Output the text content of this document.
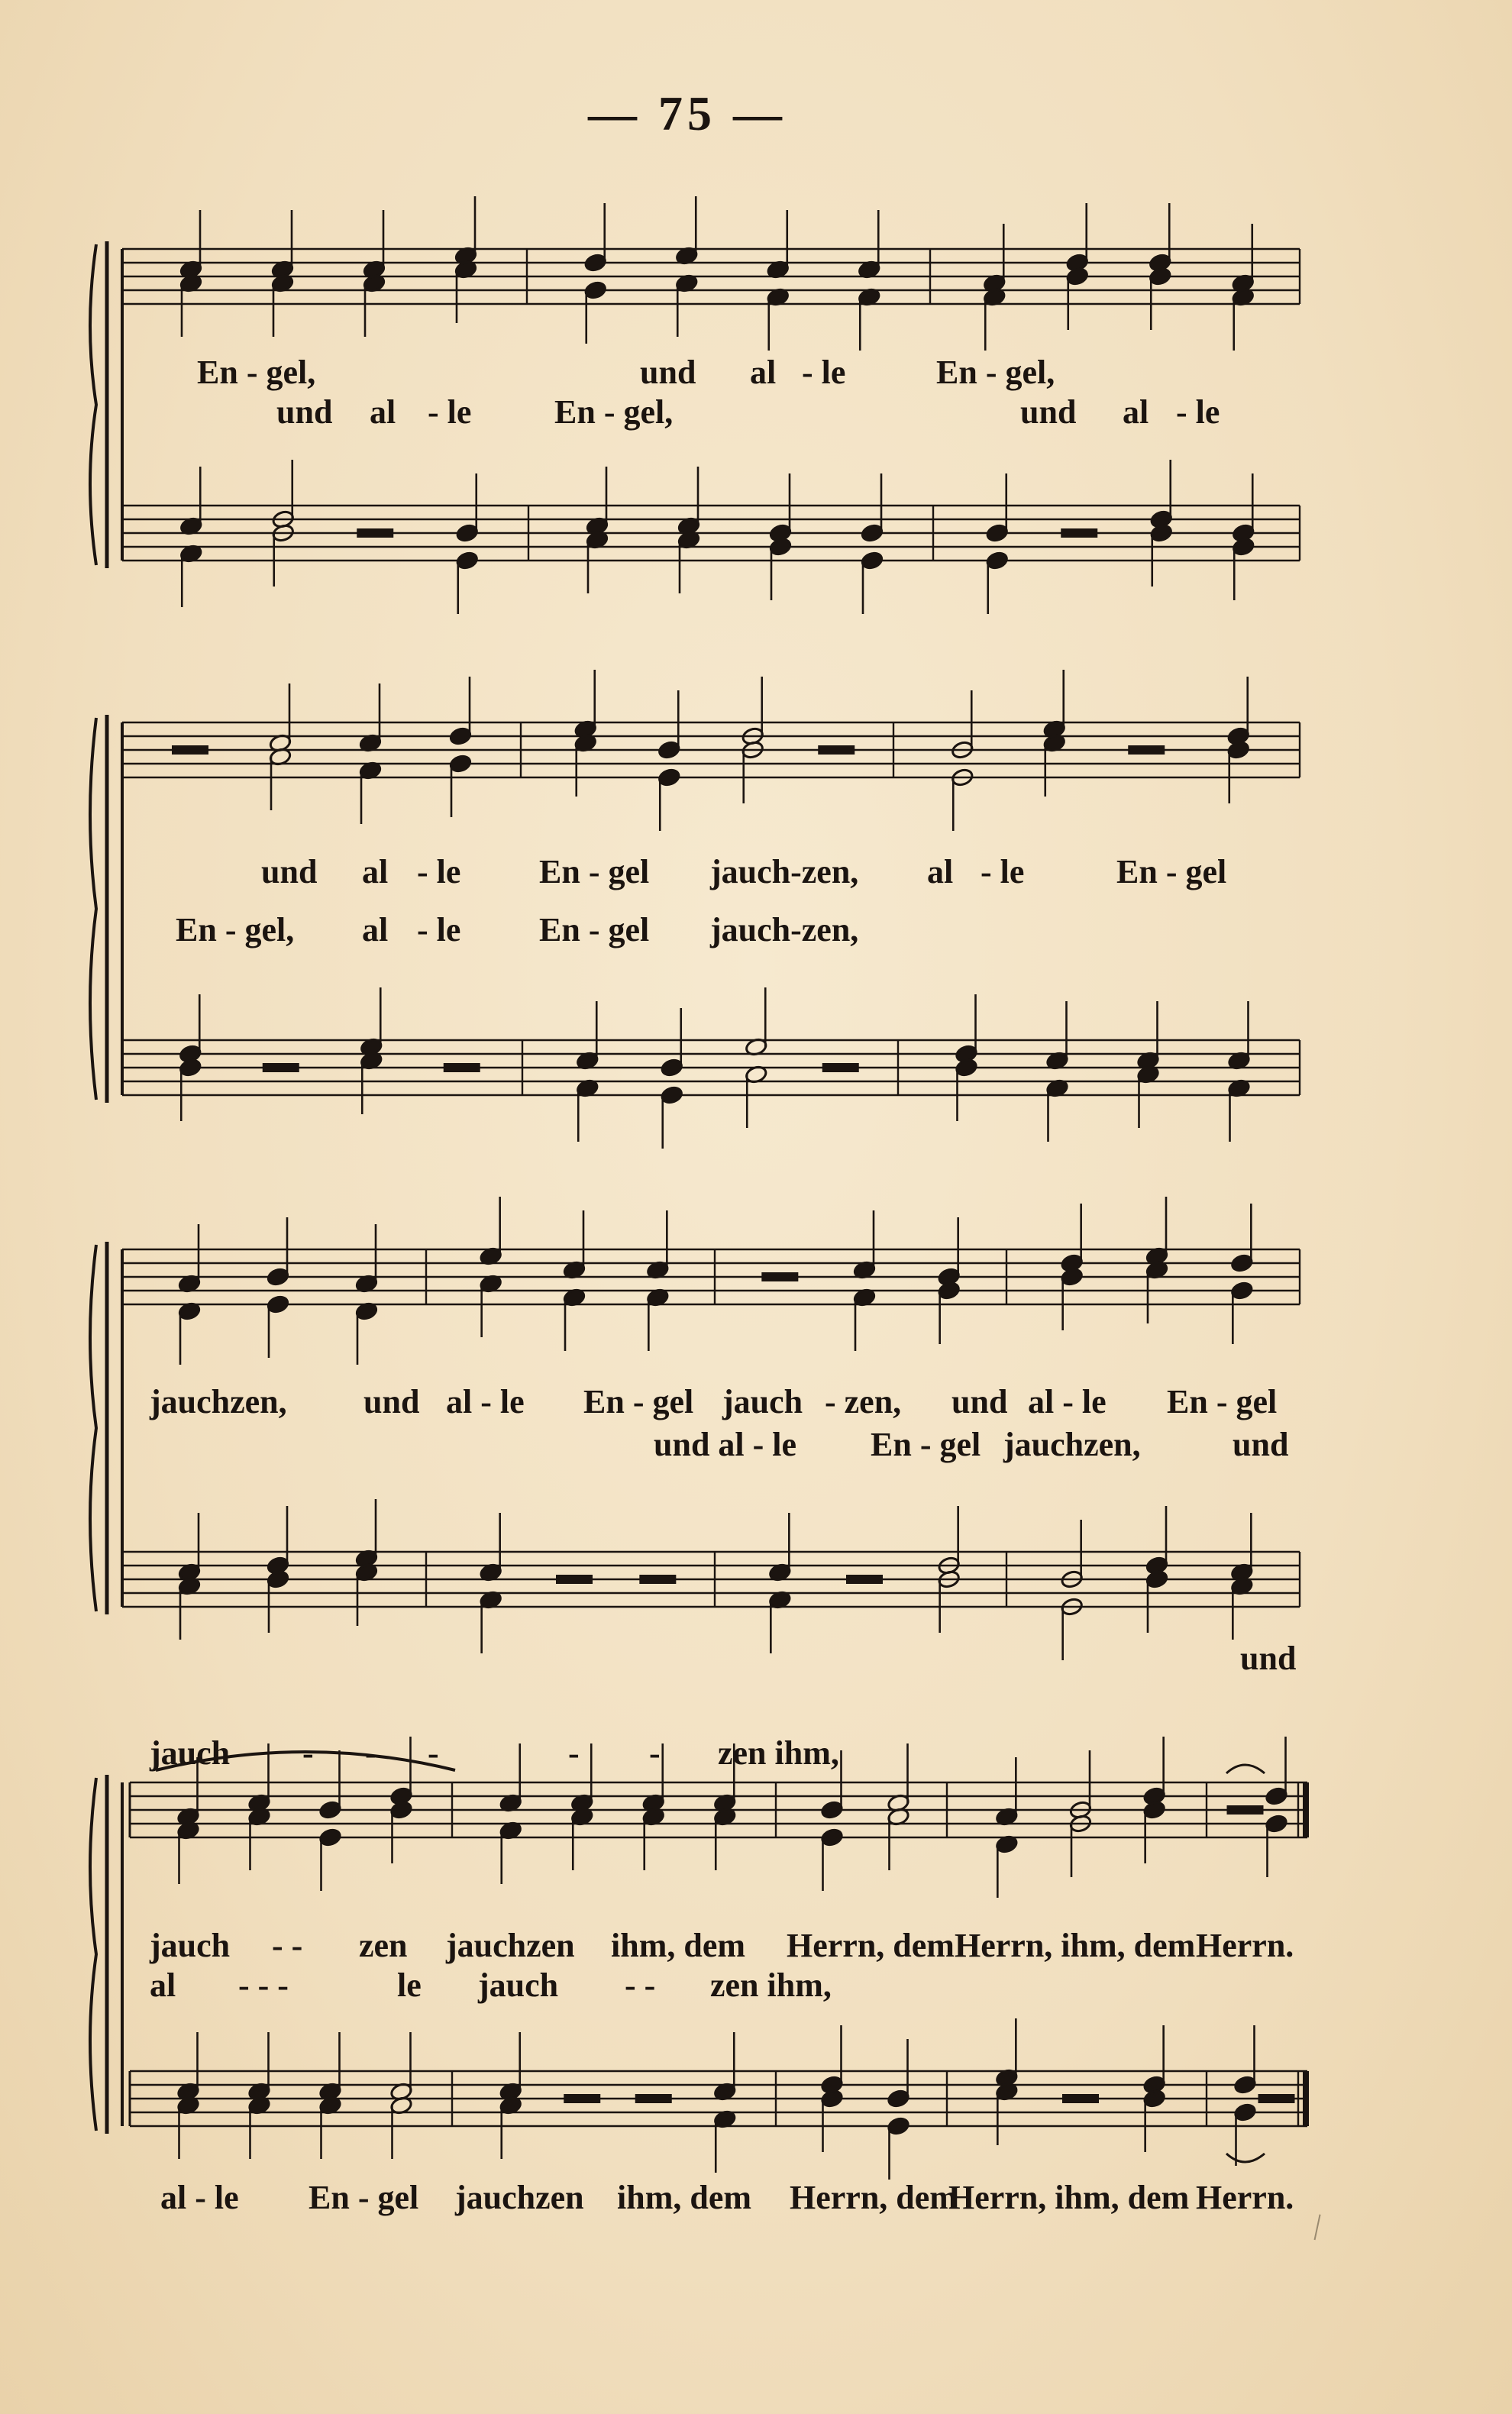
— 75 —
En - gel,	und al - le	En - gel,
und al - le En - gel,	und al - le
und al - le En - gel jauch-zen, al - le	En - gel
En - gel, al - le En - gel jauch-zen,
jauchzen, und al - le En - gel jauch - zen, und al - le En - gel
und al - le En - gel jauchzen,	und
und
jauch - - -	- - zen ihm,
jauch - - zen jauchzen ihm, dem Herrn, dem Herrn, ihm, dem Herrn.
al - - -	le jauch - - zen ihm,
al - le En - gel jauchzen ihm, dem Herrn, dem
Herrn, ihm, dem Herrn.
